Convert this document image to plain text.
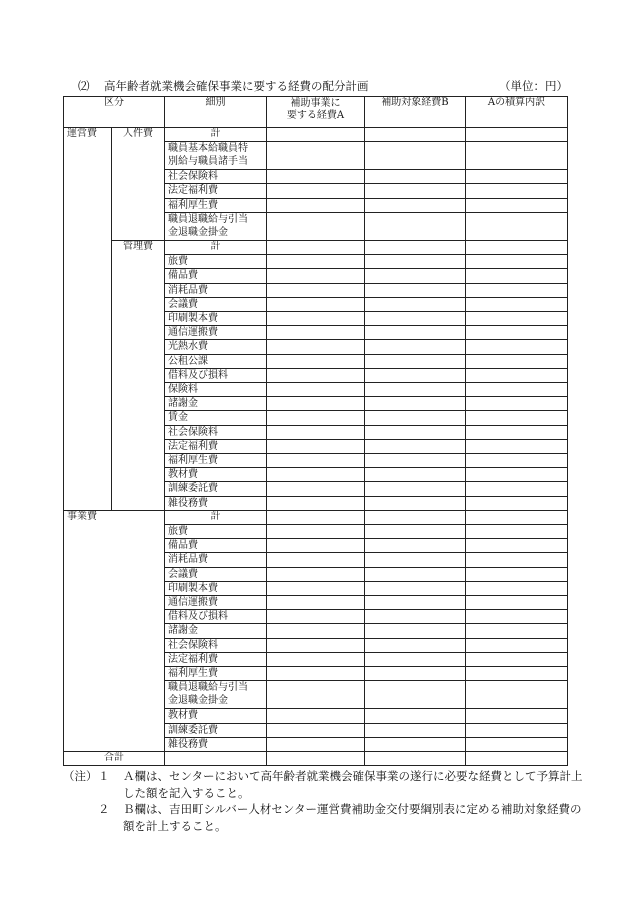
⑵ 高年齢者就業機会確保事業に要する経費の配分計画	（単位：円）
区分		細別	補助事業に
要する経費A	補助対象経費B	Aの積算内訳
運営費	人件費	計			
		職員基本給職員特
別給与職員諸手当			
		社会保険料			
		法定福利費			
		福利厚生費			
		職員退職給与引当
金退職金掛金			
	管理費	計			
		旅費			
		備品費			
		消耗品費			
		会議費			
		印刷製本費			
		通信運搬費			
		光熱水費			
		公租公課			
		借料及び損料			
		保険料			
		諸謝金			
		賃金			
		社会保険料			
		法定福利費			
		福利厚生費			
		教材費			
		訓練委託費			
		雑役務費			
事業費		計			
		旅費			
		備品費			
		消耗品費			
		会議費			
		印刷製本費			
		通信運搬費			
		借料及び損料			
		諸謝金			
		社会保険料			
		法定福利費			
		福利厚生費			
		職員退職給与引当
金退職金掛金			
		教材費			
		訓練委託費			
		雑役務費			
合計					
（注） １ Ａ欄は、センターにおいて高年齢者就業機会確保事業の遂行に必要な経費として予算計上した額を記入すること。
２ Ｂ欄は、吉田町シルバー人材センター運営費補助金交付要綱別表に定める補助対象経費の額を計上すること。
